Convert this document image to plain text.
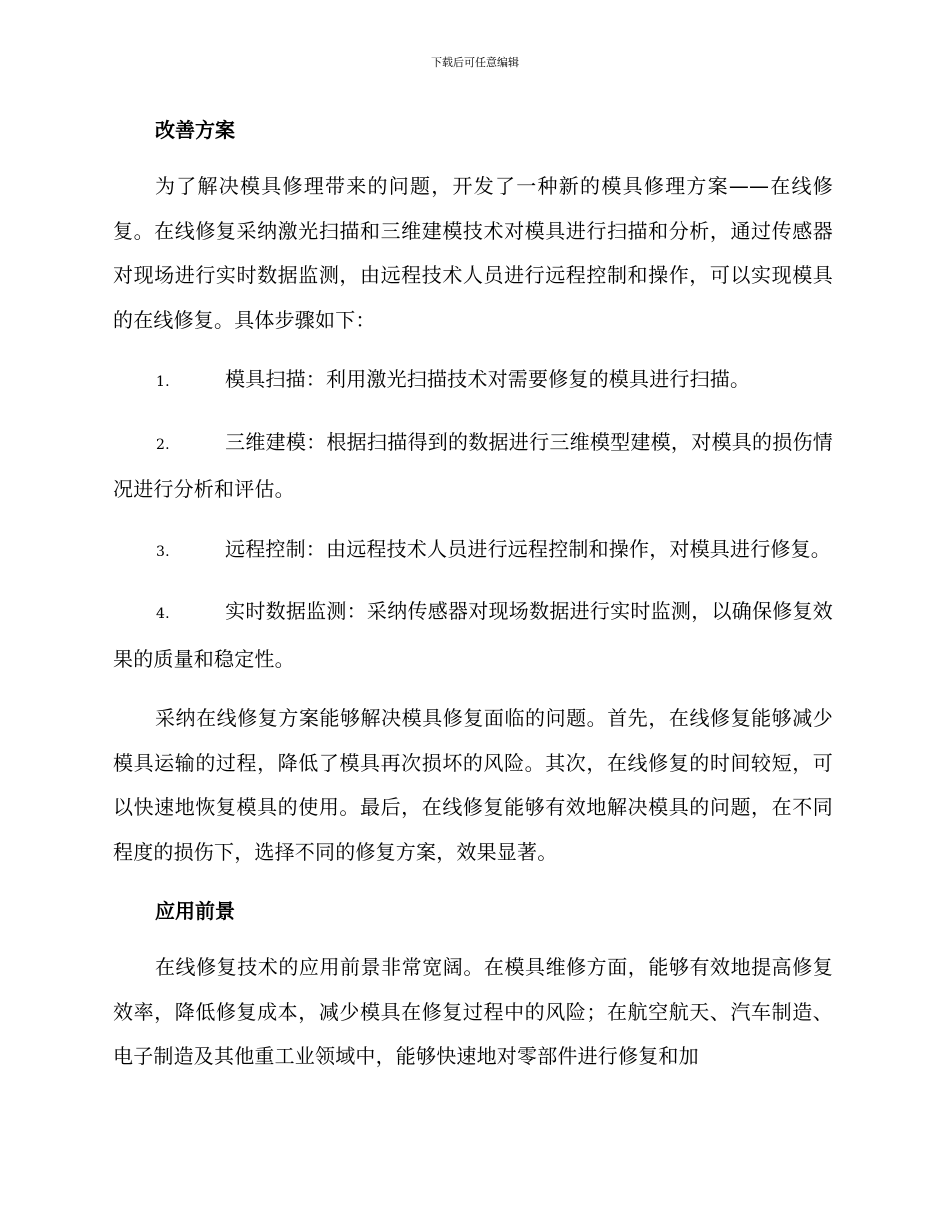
下载后可任意编辑
改善方案

为了解决模具修理带来的问题，开发了一种新的模具修理方案——在线修复。在线修复采纳激光扫描和三维建模技术对模具进行扫描和分析，通过传感器对现场进行实时数据监测，由远程技术人员进行远程控制和操作，可以实现模具的在线修复。具体步骤如下：

1.	模具扫描：利用激光扫描技术对需要修复的模具进行扫描。
2.	三维建模：根据扫描得到的数据进行三维模型建模，对模具的损伤情况进行分析和评估。
3.	远程控制：由远程技术人员进行远程控制和操作，对模具进行修复。
4.	实时数据监测：采纳传感器对现场数据进行实时监测，以确保修复效果的质量和稳定性。

采纳在线修复方案能够解决模具修复面临的问题。首先，在线修复能够减少模具运输的过程，降低了模具再次损坏的风险。其次，在线修复的时间较短，可以快速地恢复模具的使用。最后，在线修复能够有效地解决模具的问题，在不同程度的损伤下，选择不同的修复方案，效果显著。

应用前景

在线修复技术的应用前景非常宽阔。在模具维修方面，能够有效地提高修复效率，降低修复成本，减少模具在修复过程中的风险；在航空航天、汽车制造、电子制造及其他重工业领域中，能够快速地对零部件进行修复和加
